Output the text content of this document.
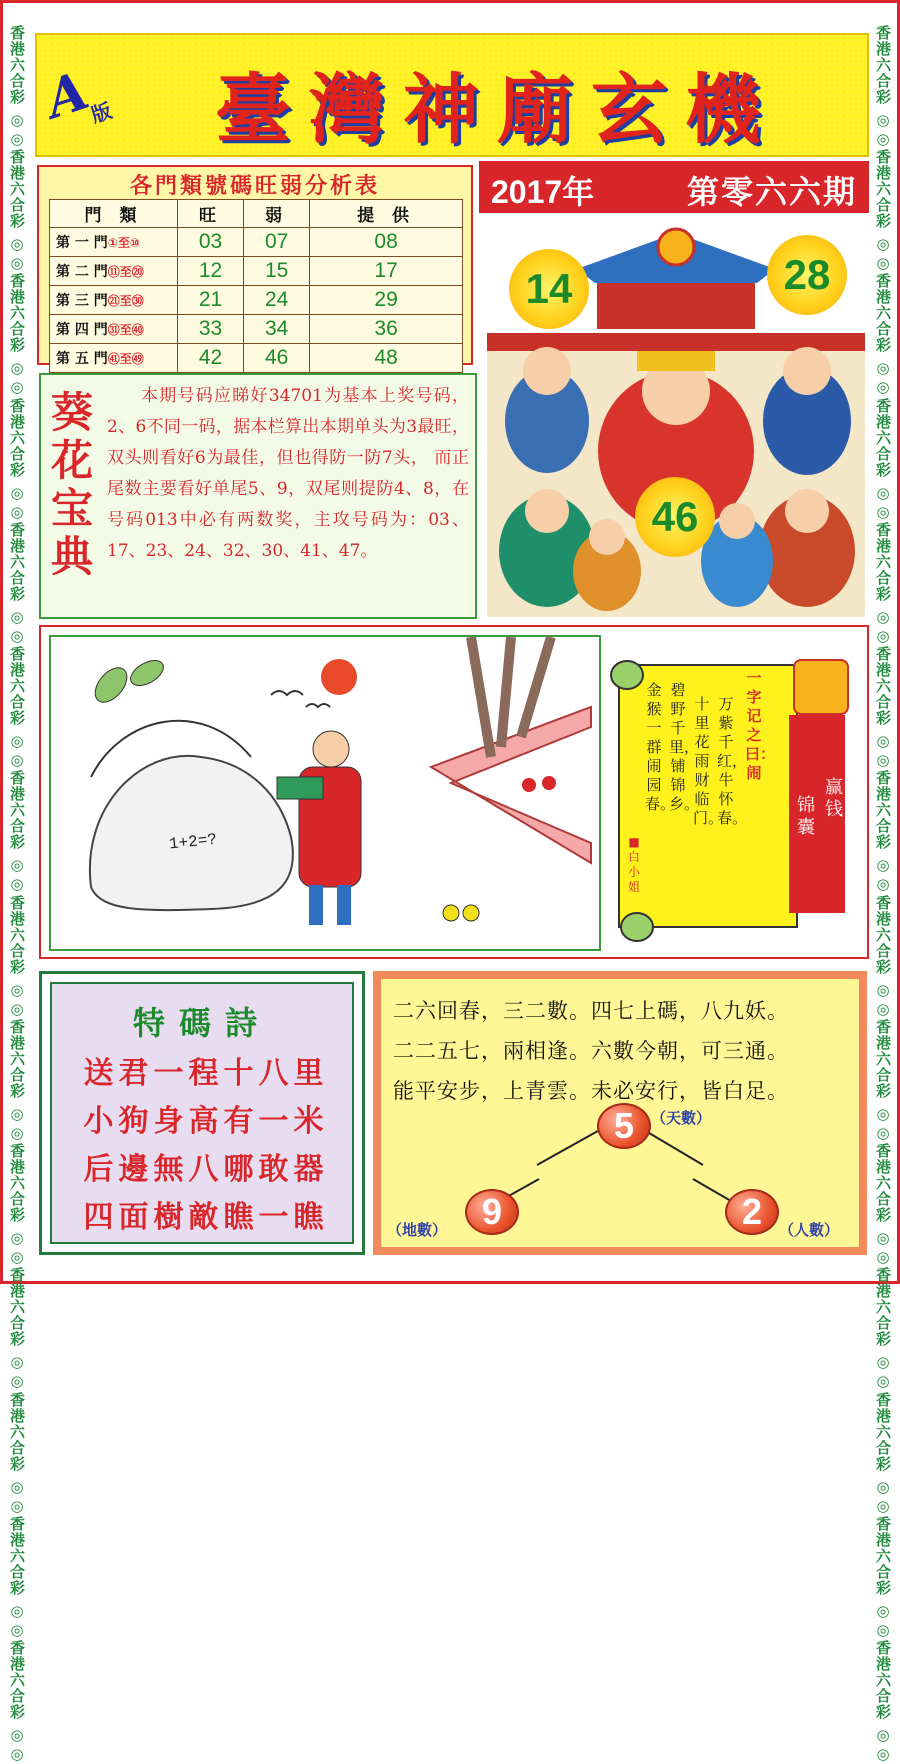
香港六合彩 ◎◎香港六合彩 ◎◎香港六合彩 ◎◎香港六合彩 ◎◎香港六合彩 ◎◎香港六合彩 ◎◎香港六合彩 ◎◎香港六合彩 ◎◎香港六合彩 ◎◎香港六合彩 ◎◎香港六合彩 ◎◎香港六合彩 ◎◎香港六合彩 ◎◎香港六合彩 ◎◎
香港六合彩 ◎◎香港六合彩 ◎◎香港六合彩 ◎◎香港六合彩 ◎◎香港六合彩 ◎◎香港六合彩 ◎◎香港六合彩 ◎◎香港六合彩 ◎◎香港六合彩 ◎◎香港六合彩 ◎◎香港六合彩 ◎◎香港六合彩 ◎◎香港六合彩 ◎◎香港六合彩 ◎◎
A
版	臺灣神廟玄機
各門類號碼旺弱分析表
門 類	旺	弱	提 供
第 一 門①至⑩	03	07	08
第 二 門⑪至⑳	12	15	17
第 三 門㉑至㉚	21	24	29
第 四 門㉛至㊵	33	34	36
第 五 門㊶至㊾	42	46	48
2017年	第零六六期
14	28
46
葵花宝典
本期号码应睇好34701为基本上奖号码，2、6不同一码，据本栏算出本期单头为3最旺，双头则看好6为最佳，但也得防一防7头， 而正尾数主要看好单尾5、9，双尾则提防4、8，在号码013中必有两数奖，主攻号码为：03、17、23、24、32、30、41、47。
1+2=?
一字记之曰：闹
万紫千红，牛怀春。
十里花雨财临门。
碧野千里，铺锦乡。
金猴一群闹园春。
■白小姐
赢钱
锦囊
特碼詩
送君一程十八里
小狗身高有一米
后邊無八哪敢器
四面樹敵瞧一瞧
二六回春，三二數。四七上碼，八九妖。
二二五七，兩相逢。六數今朝，可三通。
能平安步，上青雲。未必安行，皆白足。
5	（天數）
9
（地數）	2	（人數）
